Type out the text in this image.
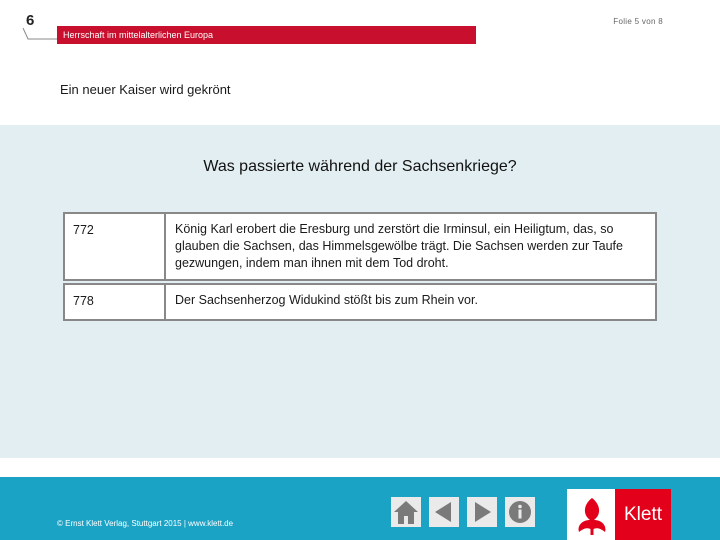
6	Folie 5 von 8
Herrschaft im mittelalterlichen Europa
Ein neuer Kaiser wird gekrönt
Was passierte während der Sachsenkriege?
772	König Karl erobert die Eresburg und zerstört die Irminsul, ein Heiligtum, das, so glauben die Sachsen, das Himmelsgewölbe trägt. Die Sachsen werden zur Taufe gezwungen, indem man ihnen mit dem Tod droht.
778	Der Sachsenherzog Widukind stößt bis zum Rhein vor.
© Ernst Klett Verlag, Stuttgart 2015 | www.klett.de	Klett
